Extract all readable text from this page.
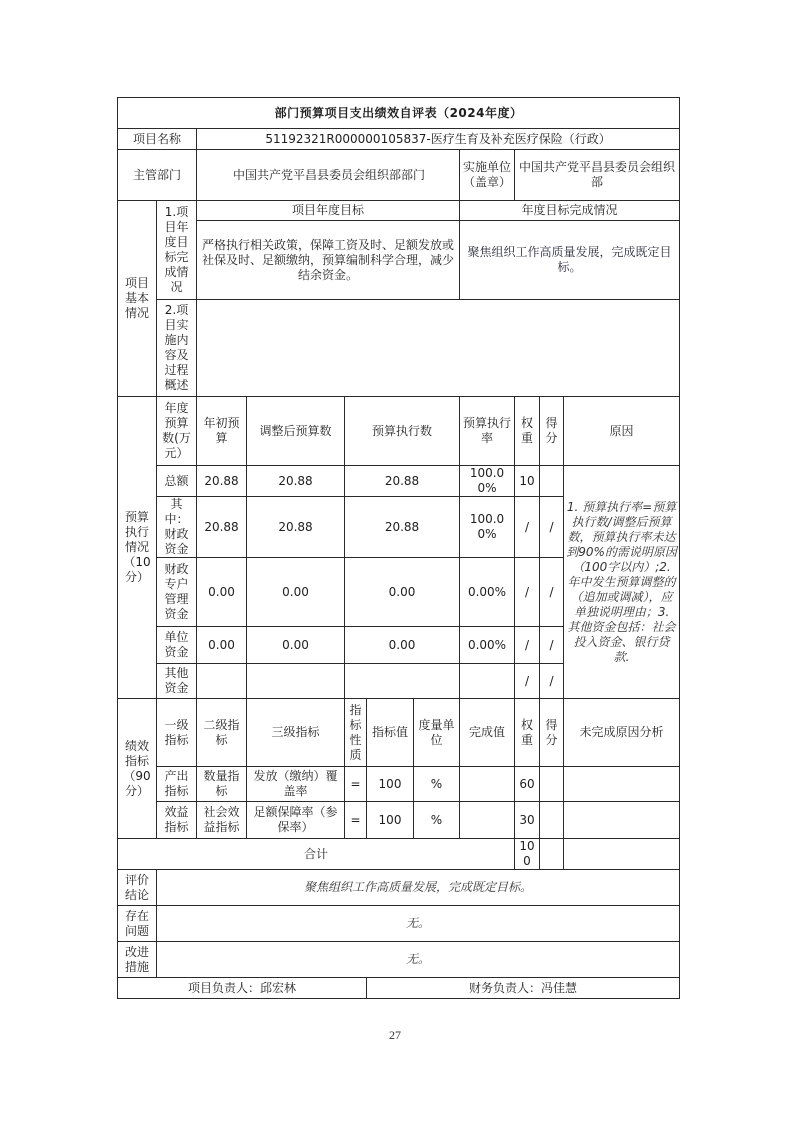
部门预算项目支出绩效自评表（2024年度）										
项目名称		51192321R000000105837-医疗生育及补充医疗保险（行政）								
主管部门		中国共产党平昌县委员会组织部部门					实施单位 （盖章）	中国共产党平昌县委员会组织部		
项目基本情况	1.项目年度目标完成情况	项目年度目标					年度目标完成情况			
		严格执行相关政策，保障工资及时、足额发放或社保及时、足额缴纳，预算编制科学合理，减少结余资金。					聚焦组织工作高质量发展，完成既定目标。			
	2.项目实施内容及过程概述									
预算执行情况（10分）	年度预算数(万元）	年初预算	调整后预算数	预算执行数			预算执行率	权重	得分	原因
	总额	20.88	20.88	20.88			100.00%	10		1. 预算执行率=预算执行数/调整后预算数，预算执行率未达到90%的需说明原因（100字以内）;2. 年中发生预算调整的（追加或调减），应单独说明理由；3. 其他资金包括：社会投入资金、银行贷款.
	其中：财政资金	20.88	20.88	20.88			100.00%	/	/	
	财政专户管理资金	0.00	0.00	0.00			0.00%	/	/	
	单位资金	0.00	0.00	0.00			0.00%	/	/	
	其他资金							/	/	
绩效指标（90分）	一级指标	二级指标	三级指标	指标性质	指标值	度量单位	完成值	权重	得分	未完成原因分析
	产出指标	数量指标	发放（缴纳）覆盖率	=	100	%		60		
	效益指标	社会效益指标	足额保障率（参保率）	=	100	%		30		
合计								100		
评价结论	聚焦组织工作高质量发展，完成既定目标。									
存在问题	无。									
改进措施	无。									
项目负责人：邱宏林					财务负责人：冯佳慧					
27
